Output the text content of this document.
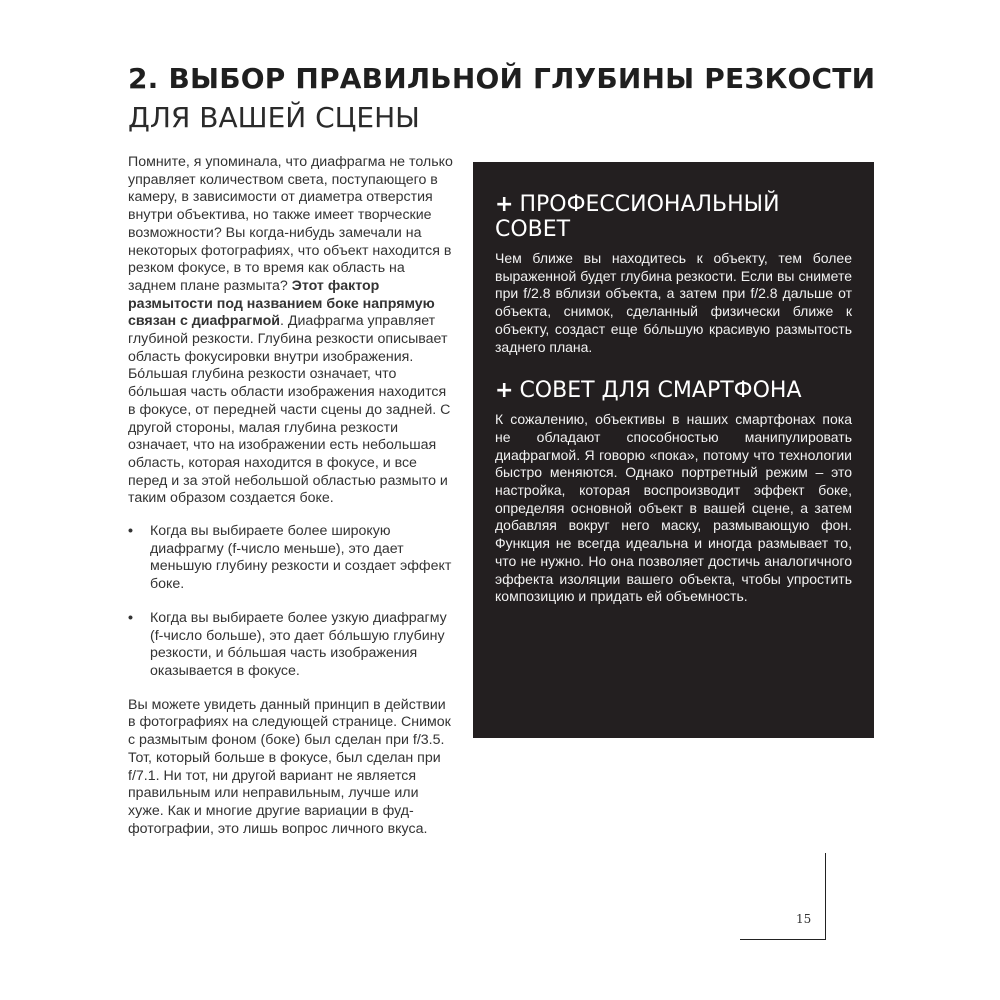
2. ВЫБОР ПРАВИЛЬНОЙ ГЛУБИНЫ РЕЗКОСТИ
ДЛЯ ВАШЕЙ СЦЕНЫ

Помните, я упоминала, что диафрагма не только управляет количеством света, поступающего в камеру, в зависимости от диаметра отверстия внутри объектива, но также имеет творческие возможности? Вы когда-нибудь замечали на некоторых фотографиях, что объект находится в резком фокусе, в то время как область на заднем плане размыта? Этот фактор размытости под названием боке напрямую связан с диафрагмой. Диафрагма управляет глубиной резкости. Глубина резкости описывает область фокусировки внутри изображения. Бóльшая глубина резкости означает, что бóльшая часть области изображения находится в фокусе, от передней части сцены до задней. С другой стороны, малая глубина резкости означает, что на изображении есть небольшая область, которая находится в фокусе, и все перед и за этой небольшой областью размыто и таким образом создается боке.

• Когда вы выбираете более широкую диафрагму (f-число меньше), это дает меньшую глубину резкости и создает эффект боке.
• Когда вы выбираете более узкую диафрагму (f-число больше), это дает бóльшую глубину резкости, и бóльшая часть изображения оказывается в фокусе.

Вы можете увидеть данный принцип в действии в фотографиях на следующей странице. Снимок с размытым фоном (боке) был сделан при f/3.5. Тот, который больше в фокусе, был сделан при f/7.1. Ни тот, ни другой вариант не является правильным или неправильным, лучше или хуже. Как и многие другие вариации в фуд-фотографии, это лишь вопрос личного вкуса.

+ ПРОФЕССИОНАЛЬНЫЙ СОВЕТ

Чем ближе вы находитесь к объекту, тем более выраженной будет глубина резкости. Если вы снимете при f/2.8 вблизи объекта, а затем при f/2.8 дальше от объекта, снимок, сделанный физически ближе к объекту, создаст еще бóльшую красивую размытость заднего плана.

+ СОВЕТ ДЛЯ СМАРТФОНА

К сожалению, объективы в наших смартфонах пока не обладают способностью манипулировать диафрагмой. Я говорю «пока», потому что технологии быстро меняются. Однако портретный режим – это настройка, которая воспроизводит эффект боке, определяя основной объект в вашей сцене, а затем добавляя вокруг него маску, размывающую фон. Функция не всегда идеальна и иногда размывает то, что не нужно. Но она позволяет достичь аналогичного эффекта изоляции вашего объекта, чтобы упростить композицию и придать ей объемность.

15
